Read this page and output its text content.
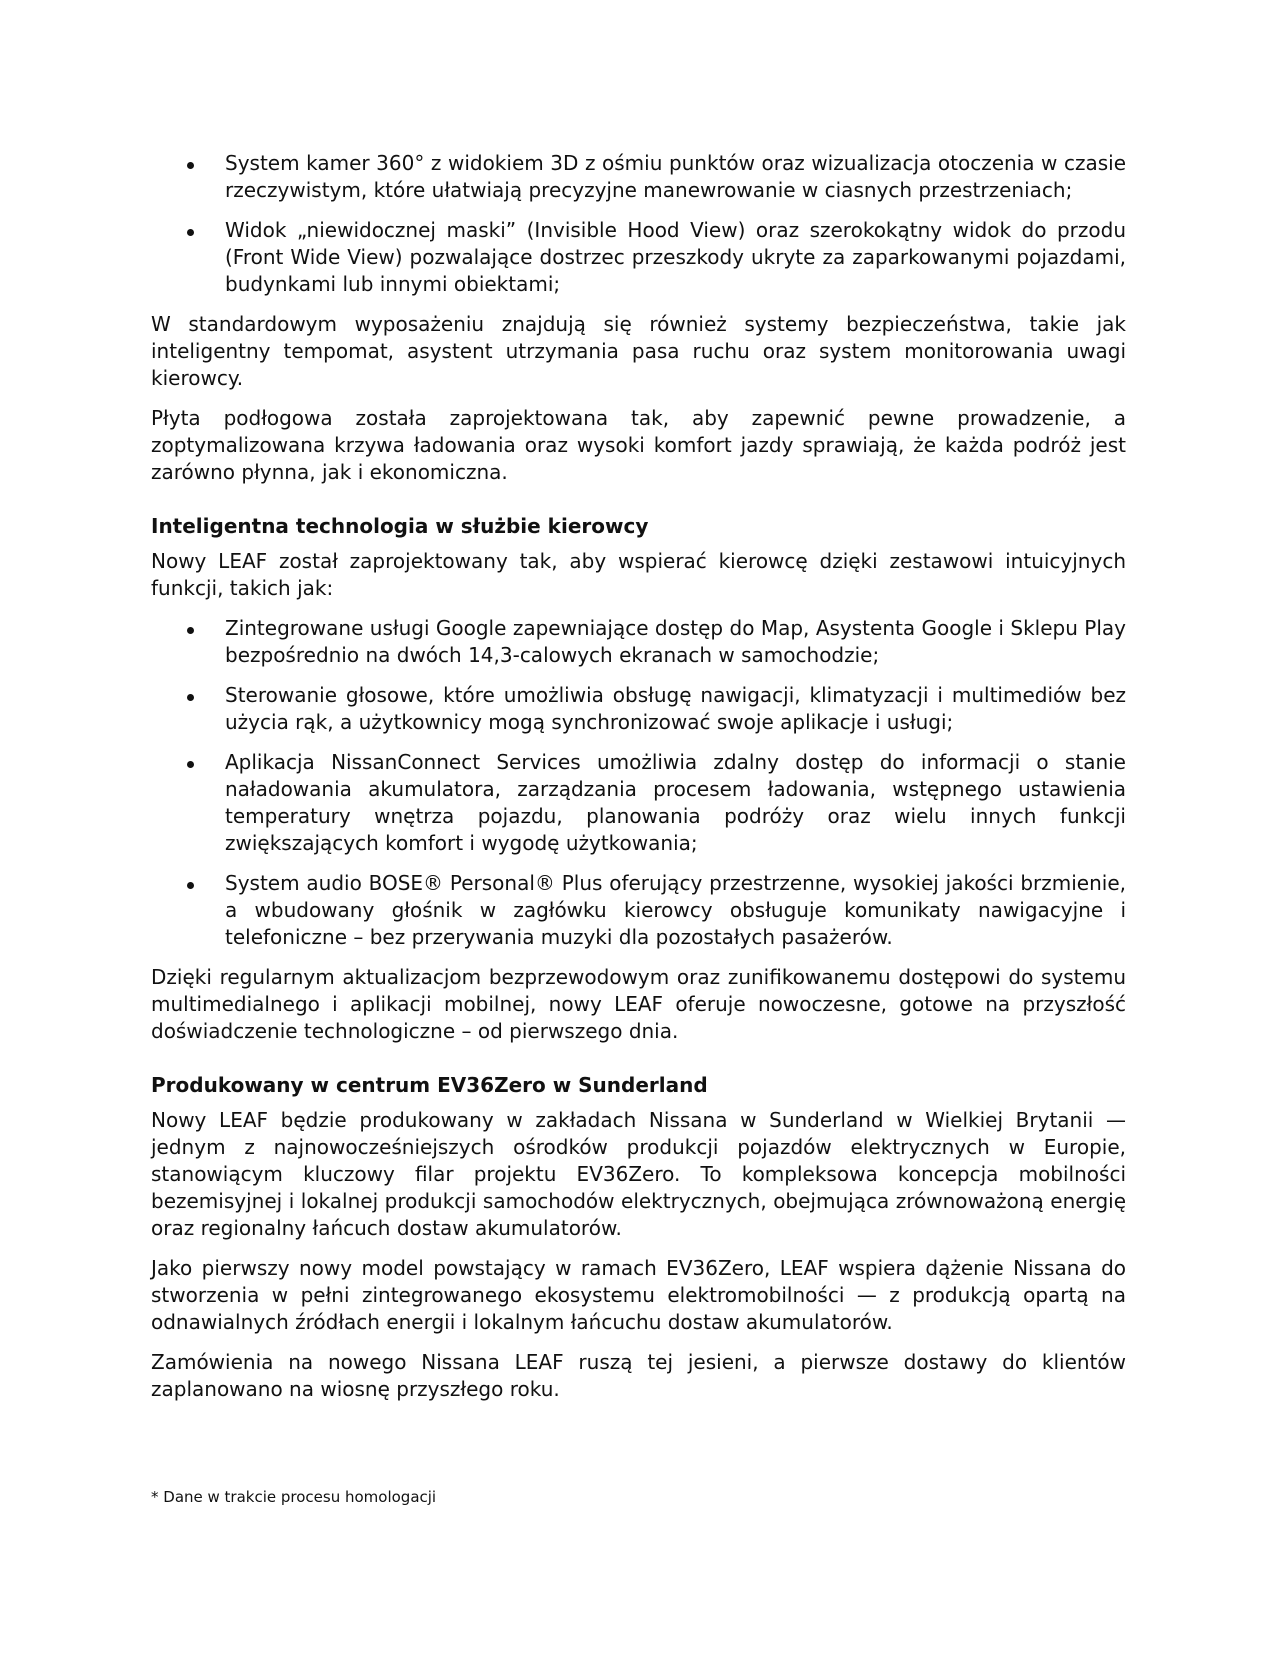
System kamer 360° z widokiem 3D z ośmiu punktów oraz wizualizacja otoczenia w czasie rzeczywistym, które ułatwiają precyzyjne manewrowanie w ciasnych przestrzeniach;
Widok „niewidocznej maski” (Invisible Hood View) oraz szerokokątny widok do przodu (Front Wide View) pozwalające dostrzec przeszkody ukryte za zaparkowanymi pojazdami, budynkami lub innymi obiektami;

W standardowym wyposażeniu znajdują się również systemy bezpieczeństwa, takie jak inteligentny tempomat, asystent utrzymania pasa ruchu oraz system monitorowania uwagi kierowcy.

Płyta podłogowa została zaprojektowana tak, aby zapewnić pewne prowadzenie, a zoptymalizowana krzywa ładowania oraz wysoki komfort jazdy sprawiają, że każda podróż jest zarówno płynna, jak i ekonomiczna.

Inteligentna technologia w służbie kierowcy

Nowy LEAF został zaprojektowany tak, aby wspierać kierowcę dzięki zestawowi intuicyjnych funkcji, takich jak:

Zintegrowane usługi Google zapewniające dostęp do Map, Asystenta Google i Sklepu Play bezpośrednio na dwóch 14,3-calowych ekranach w samochodzie;
Sterowanie głosowe, które umożliwia obsługę nawigacji, klimatyzacji i multimediów bez użycia rąk, a użytkownicy mogą synchronizować swoje aplikacje i usługi;
Aplikacja NissanConnect Services umożliwia zdalny dostęp do informacji o stanie naładowania akumulatora, zarządzania procesem ładowania, wstępnego ustawienia temperatury wnętrza pojazdu, planowania podróży oraz wielu innych funkcji zwiększających komfort i wygodę użytkowania;
System audio BOSE® Personal® Plus oferujący przestrzenne, wysokiej jakości brzmienie, a wbudowany głośnik w zagłówku kierowcy obsługuje komunikaty nawigacyjne i telefoniczne – bez przerywania muzyki dla pozostałych pasażerów.

Dzięki regularnym aktualizacjom bezprzewodowym oraz zunifikowanemu dostępowi do systemu multimedialnego i aplikacji mobilnej, nowy LEAF oferuje nowoczesne, gotowe na przyszłość doświadczenie technologiczne – od pierwszego dnia.

Produkowany w centrum EV36Zero w Sunderland

Nowy LEAF będzie produkowany w zakładach Nissana w Sunderland w Wielkiej Brytanii — jednym z najnowocześniejszych ośrodków produkcji pojazdów elektrycznych w Europie, stanowiącym kluczowy filar projektu EV36Zero. To kompleksowa koncepcja mobilności bezemisyjnej i lokalnej produkcji samochodów elektrycznych, obejmująca zrównoważoną energię oraz regionalny łańcuch dostaw akumulatorów.

Jako pierwszy nowy model powstający w ramach EV36Zero, LEAF wspiera dążenie Nissana do stworzenia w pełni zintegrowanego ekosystemu elektromobilności — z produkcją opartą na odnawialnych źródłach energii i lokalnym łańcuchu dostaw akumulatorów.

Zamówienia na nowego Nissana LEAF ruszą tej jesieni, a pierwsze dostawy do klientów zaplanowano na wiosnę przyszłego roku.

* Dane w trakcie procesu homologacji
